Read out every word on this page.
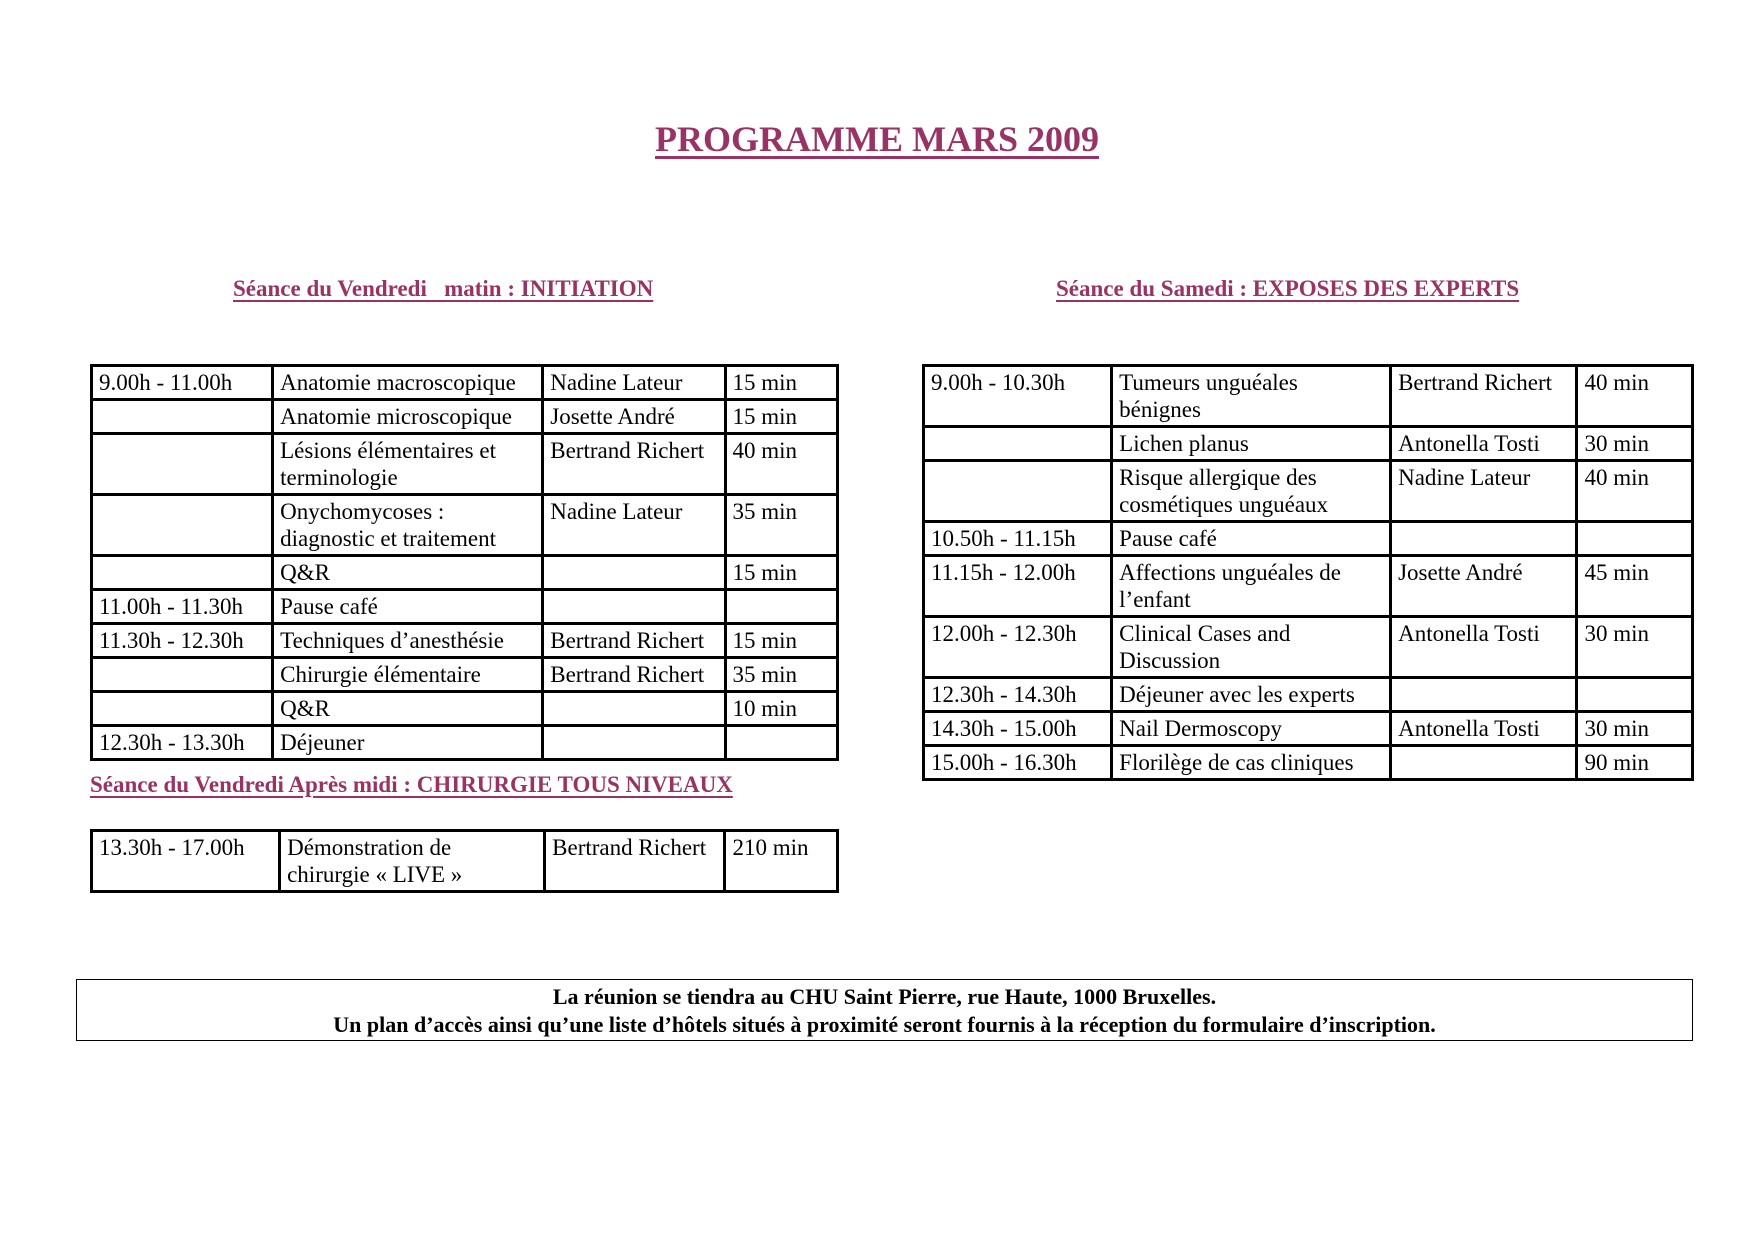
PROGRAMME MARS 2009
Séance du Vendredi   matin : INITIATION
9.00h - 11.00h	Anatomie macroscopique	Nadine Lateur	15 min
	Anatomie microscopique	Josette André	15 min
	Lésions élémentaires et terminologie	Bertrand Richert	40 min
	Onychomycoses : diagnostic et traitement	Nadine Lateur	35 min
	Q&R		15 min
11.00h - 11.30h	Pause café		
11.30h - 12.30h	Techniques d’anesthésie	Bertrand Richert	15 min
	Chirurgie élémentaire	Bertrand Richert	35 min
	Q&R		10 min
12.30h - 13.30h	Déjeuner		
Séance du Vendredi Après midi : CHIRURGIE TOUS NIVEAUX
13.30h - 17.00h	Démonstration de chirurgie « LIVE »	Bertrand Richert	210 min
Séance du Samedi : EXPOSES DES EXPERTS
9.00h - 10.30h	Tumeurs unguéales bénignes	Bertrand Richert	40 min
	Lichen planus	Antonella Tosti	30 min
	Risque allergique des cosmétiques unguéaux	Nadine Lateur	40 min
10.50h - 11.15h	Pause café		
11.15h - 12.00h	Affections unguéales de l’enfant	Josette André	45 min
12.00h - 12.30h	Clinical Cases and Discussion	Antonella Tosti	30 min
12.30h - 14.30h	Déjeuner avec les experts		
14.30h - 15.00h	Nail Dermoscopy	Antonella Tosti	30 min
15.00h - 16.30h	Florilège de cas cliniques		90 min
La réunion se tiendra au CHU Saint Pierre, rue Haute, 1000 Bruxelles.
Un plan d’accès ainsi qu’une liste d’hôtels situés à proximité seront fournis à la réception du formulaire d’inscription.
